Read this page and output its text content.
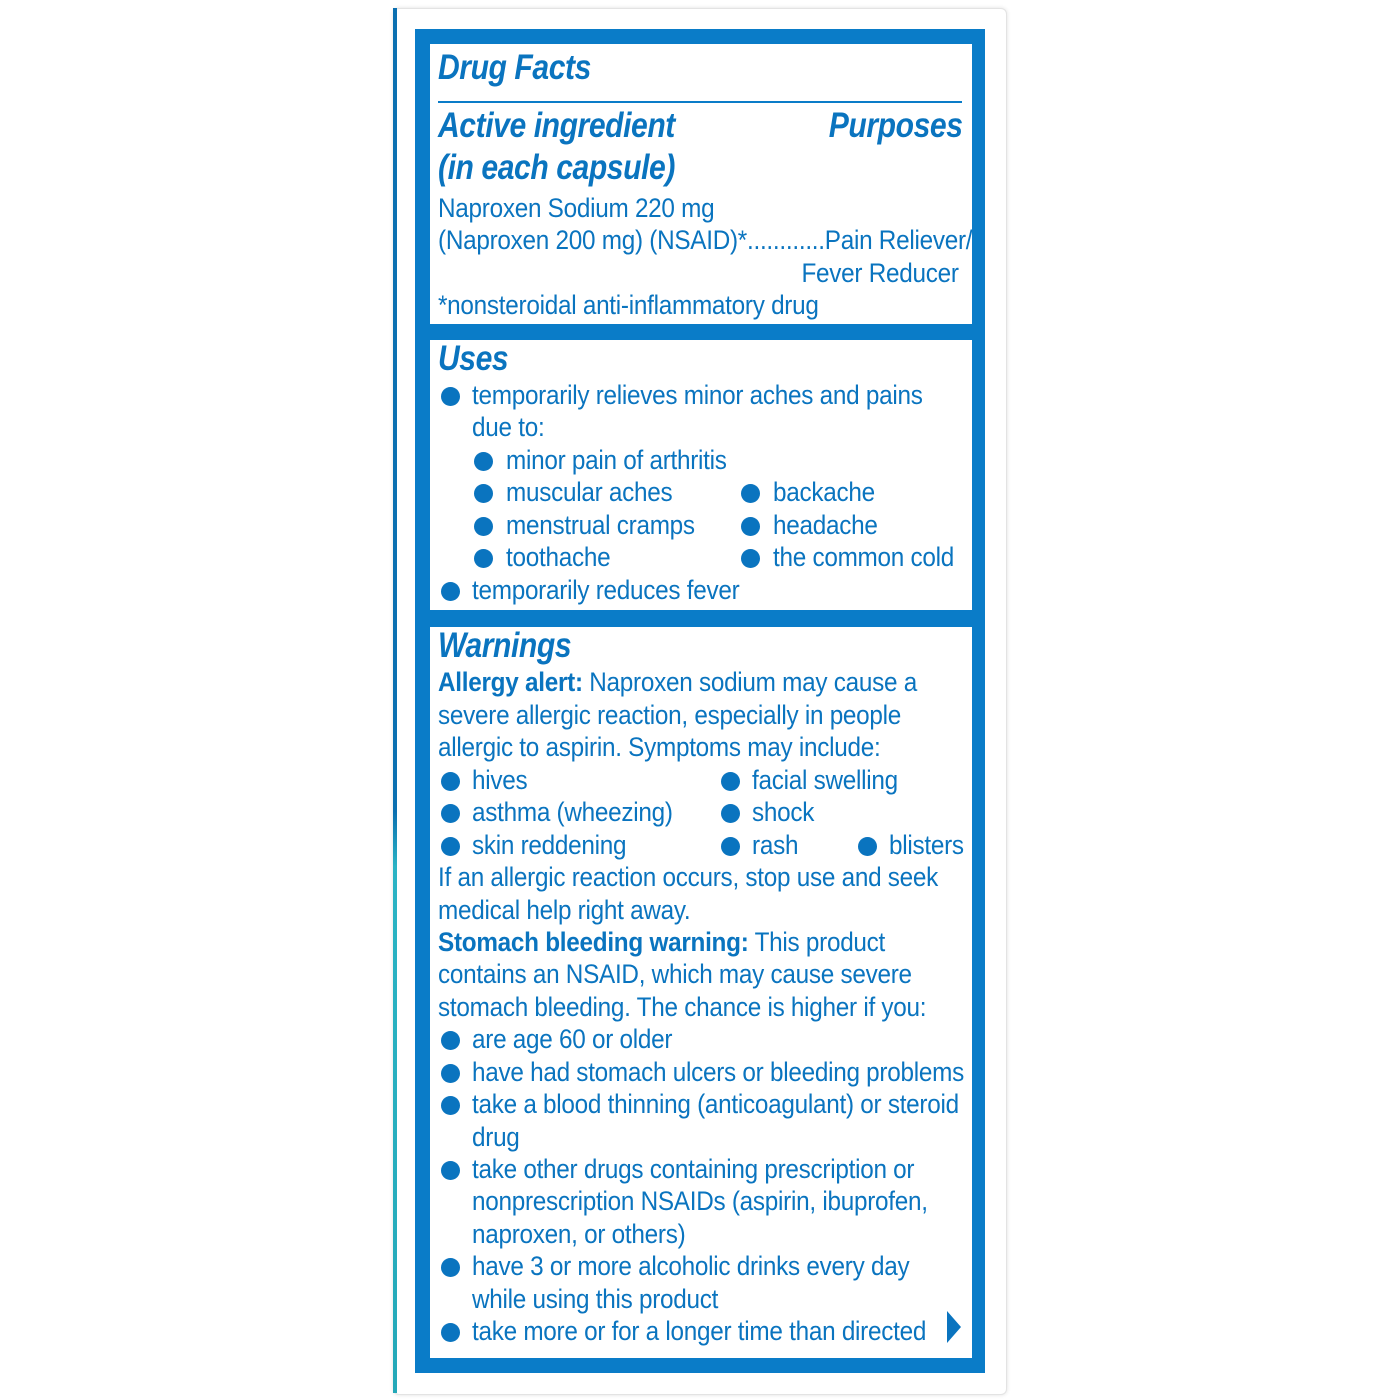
Drug Facts
Active ingredient
(in each capsule)
Purposes
Naproxen Sodium 220 mg
(Naproxen 200 mg) (NSAID)*............Pain Reliever/
Fever Reducer
*nonsteroidal anti-inflammatory drug
Uses
temporarily relieves minor aches and pains
due to:
minor pain of arthritis
muscular aches
menstrual cramps
toothache
backache
headache
the common cold
temporarily reduces fever
Warnings
Allergy alert: Naproxen sodium may cause a
severe allergic reaction, especially in people
allergic to aspirin. Symptoms may include:
hives
asthma (wheezing)
skin reddening
facial swelling
shock
rash	blisters
If an allergic reaction occurs, stop use and seek
medical help right away.
Stomach bleeding warning: This product
contains an NSAID, which may cause severe
stomach bleeding. The chance is higher if you:
are age 60 or older
have had stomach ulcers or bleeding problems
take a blood thinning (anticoagulant) or steroid
drug
take other drugs containing prescription or
nonprescription NSAIDs (aspirin, ibuprofen,
naproxen, or others)
have 3 or more alcoholic drinks every day
while using this product
take more or for a longer time than directed
